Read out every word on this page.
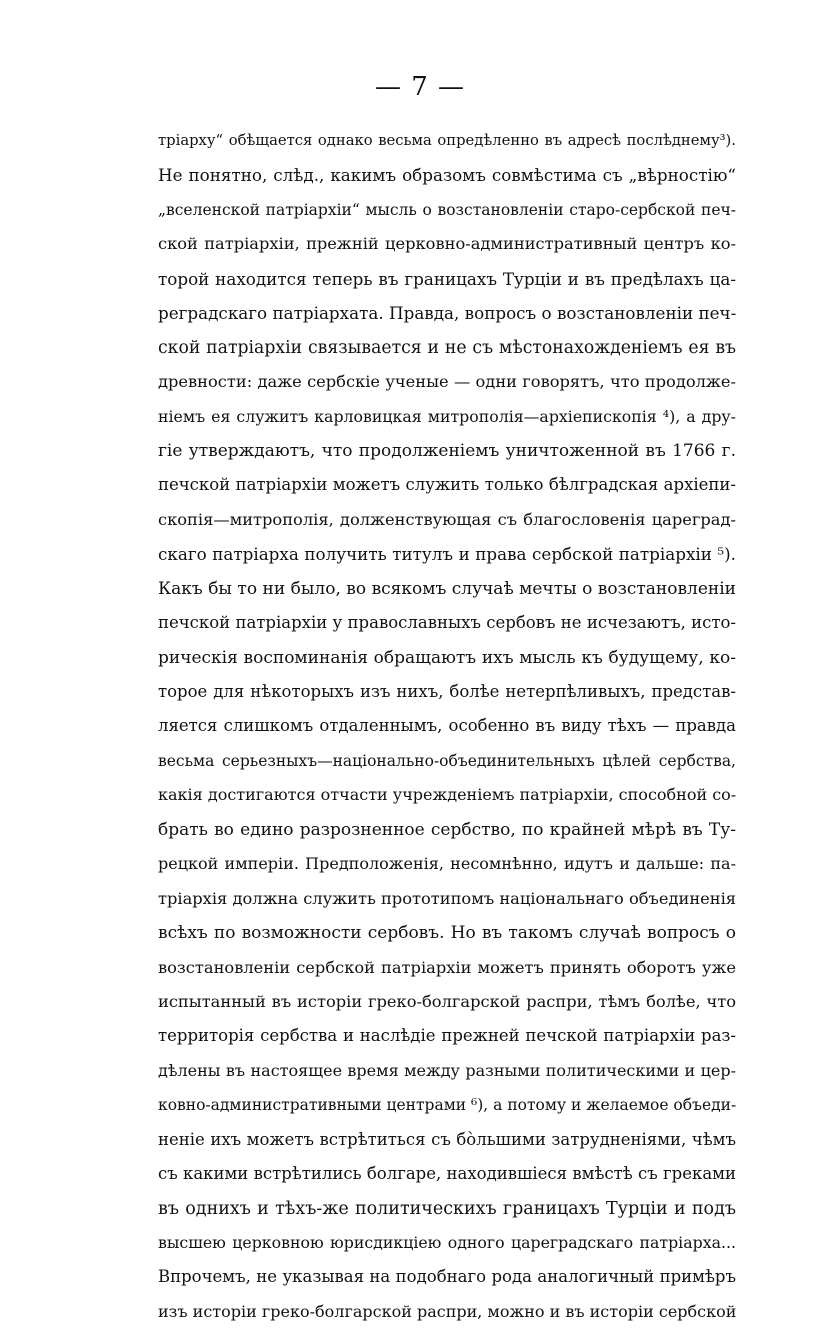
— 7 —
тріарху“ обѣщается однако весьма опредѣленно въ адресѣ послѣднему³).
Не понятно, слѣд., какимъ образомъ совмѣстима съ „вѣрностію“
„вселенской патріархіи“ мысль о возстановленіи старо-сербской печ-
ской патріархіи, прежній церковно-административный центръ ко-
торой находится теперь въ границахъ Турціи и въ предѣлахъ ца-
реградскаго патріархата. Правда, вопросъ о возстановленіи печ-
ской патріархіи связывается и не съ мѣстонахожденіемъ ея въ
древности: даже сербскіе ученые — одни говорятъ, что продолже-
ніемъ ея служитъ карловицкая митрополія—архіепископія ⁴), а дру-
гіе утверждаютъ, что продолженіемъ уничтоженной въ 1766 г.
печской патріархіи можетъ служить только бѣлградская архіепи-
скопія—митрополія, долженствующая съ благословенія цареград-
скаго патріарха получить титулъ и права сербской патріархіи ⁵).
Какъ бы то ни было, во всякомъ случаѣ мечты о возстановленіи
печской патріархіи у православныхъ сербовъ не исчезаютъ, исто-
рическія воспоминанія обращаютъ ихъ мысль къ будущему, ко-
торое для нѣкоторыхъ изъ нихъ, болѣе нетерпѣливыхъ, представ-
ляется слишкомъ отдаленнымъ, особенно въ виду тѣхъ — правда
весьма серьезныхъ—національно-объединительныхъ цѣлей сербства,
какія достигаются отчасти учрежденіемъ патріархіи, способной со-
брать во едино разрозненное сербство, по крайней мѣрѣ въ Ту-
рецкой имперіи. Предположенія, несомнѣнно, идутъ и дальше: па-
тріархія должна служить прототипомъ національнаго объединенія
всѣхъ по возможности сербовъ. Но въ такомъ случаѣ вопросъ о
возстановленіи сербской патріархіи можетъ принять оборотъ уже
испытанный въ исторіи греко-болгарской распри, тѣмъ болѣе, что
территорія сербства и наслѣдіе прежней печской патріархіи раз-
дѣлены въ настоящее время между разными политическими и цер-
ковно-административными центрами ⁶), а потому и желаемое объеди-
неніе ихъ можетъ встрѣтиться съ бòльшими затрудненіями, чѣмъ
съ какими встрѣтились болгаре, находившіеся вмѣстѣ съ греками
въ однихъ и тѣхъ-же политическихъ границахъ Турціи и подъ
высшею церковною юрисдикціею одного цареградскаго патріарха...
Впрочемъ, не указывая на подобнаго рода аналогичный примѣръ
изъ исторіи греко-болгарской распри, можно и въ исторіи сербской
